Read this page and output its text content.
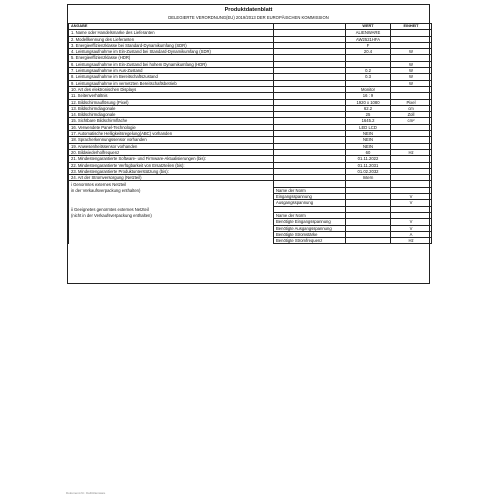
Produktdatenblatt
DELEGIERTE VERORDNUNG(EU) 2019/2013 DER EUROPÄISCHEN KOMMISSION
ANGABE		WERT	EINHEIT
1. Name oder Handelsmarke des Lieferanten		ALIENWARE	
2. Modellkennung des Lieferanten		AW2521HFA	
3. Energieeffizienzklasse bei Standard-Dynamikumfang (SDR)		F	
4. Leistungsaufnahme im Ein-Zustand bei Standard-Dynamikumfang (SDR)		20.4	W
5. Energieeffizienzklasse (HDR)			
6. Leistungsaufnahme im Ein-Zustand bei hohem Dynamikumfang (HDR)			W
7. Leistungsaufnahme im Aus-Zustand		0.2	W
8. Leistungsaufnahme im Bereitschaftszustand		0.3	W
9. Leistungsaufnahme im vernetzten Bereitschaftsbetrieb			W
10. Art des elektronischen Displays		Monitor	
11. Seitenverhältnis		16 : 9	
12. Bildschirmauflösung (Pixel)		1920 x 1080	Pixel
13. Bildschirmdiagonale		62.2	cm
14. Bildschirmdiagonale		25	Zoll
15. Sichtbare Bildschirmfläche		1645.2	cm²
16. Verwendete Panel-Technologie		LED LCD	
17. Automatische Helligkeitsregelung(ABC) vorhanden		NEIN	
18. Spracherkennungssensor vorhanden		NEIN	
19. Anwesenheitssensor vorhanden		NEIN	
20. Bildwiederholfrequenz		60	Hz
21. Mindestengarantierte Software- und Firmware-Aktualisierungen (bis):		01.11.2022	
22. Mindestengarantierte Verfügbarkeit von Ersatzteilen (bis):		01.11.2031	
23. Mindestengarantierte Produktunterstützung (bis):		01.02.2032	
24. Art der Stromversorgung (Netzteil)		Intern	
i Genormtes externes Netzteil			
in der Verkaufsverpackung enthalten)	Name der Norm		
	Eingangsspannung		V
	Ausgangsspannung		V
ii Geeignetes genormtes externes Netzteil			
(nicht in der Verkaufsverpackung enthalten)	Name der Norm		
	Benötigte Eingangsspannung		V
	Benötigte Ausgangsspannung		V
	Benötigte Stromstärke		A
	Benötigte Stromfrequenz		Hz
Dokument-Nr.: Dell/Alienware
